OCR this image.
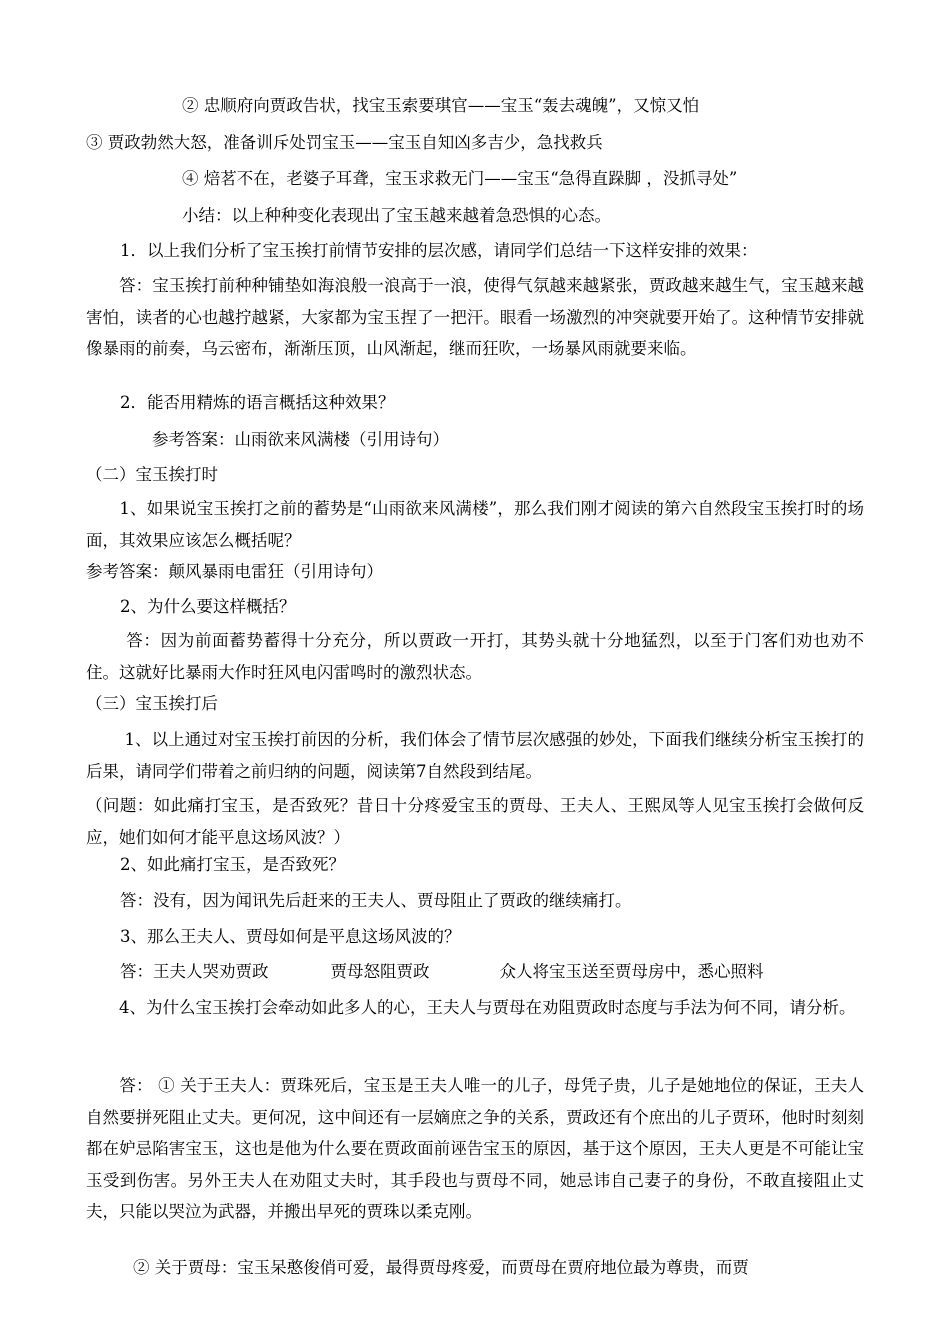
② 忠顺府向贾政告状，找宝玉索要琪官——宝玉“轰去魂魄”，又惊又怕
③ 贾政勃然大怒，准备训斥处罚宝玉——宝玉自知凶多吉少，急找救兵
④ 焙茗不在，老婆子耳聋，宝玉求救无门——宝玉“急得直跺脚 ，没抓寻处”
小结：以上种种变化表现出了宝玉越来越着急恐惧的心态。
1．以上我们分析了宝玉挨打前情节安排的层次感，请同学们总结一下这样安排的效果：
　　答：宝玉挨打前种种铺垫如海浪般一浪高于一浪，使得气氛越来越紧张，贾政越来越生气，宝玉越来越害怕，读者的心也越拧越紧，大家都为宝玉捏了一把汗。眼看一场激烈的冲突就要开始了。这种情节安排就像暴雨的前奏，乌云密布，渐渐压顶，山风渐起，继而狂吹，一场暴风雨就要来临。
2．能否用精炼的语言概括这种效果？
参考答案：山雨欲来风满楼（引用诗句）
（二）宝玉挨打时
　　1、如果说宝玉挨打之前的蓄势是“山雨欲来风满楼”，那么我们刚才阅读的第六自然段宝玉挨打时的场面，其效果应该怎么概括呢？
参考答案：颠风暴雨电雷狂（引用诗句）
2、为什么要这样概括？
　　 答：因为前面蓄势蓄得十分充分，所以贾政一开打，其势头就十分地猛烈，以至于门客们劝也劝不住。这就好比暴雨大作时狂风电闪雷鸣时的激烈状态。
（三）宝玉挨打后
　　 1、以上通过对宝玉挨打前因的分析，我们体会了情节层次感强的妙处，下面我们继续分析宝玉挨打的后果，请同学们带着之前归纳的问题，阅读第7自然段到结尾。
（问题：如此痛打宝玉，是否致死？昔日十分疼爱宝玉的贾母、王夫人、王熙凤等人见宝玉挨打会做何反应，她们如何才能平息这场风波？）
2、如此痛打宝玉，是否致死？
答：没有，因为闻讯先后赶来的王夫人、贾母阻止了贾政的继续痛打。
3、那么王夫人、贾母如何是平息这场风波的？
答：王夫人哭劝贾政	贾母怒阻贾政	众人将宝玉送至贾母房中，悉心照料
　　4、为什么宝玉挨打会牵动如此多人的心，王夫人与贾母在劝阻贾政时态度与手法为何不同，请分析。
　　答： ① 关于王夫人：贾珠死后，宝玉是王夫人唯一的儿子，母凭子贵，儿子是她地位的保证，王夫人自然要拼死阻止丈夫。更何况，这中间还有一层嫡庶之争的关系，贾政还有个庶出的儿子贾环，他时时刻刻都在妒忌陷害宝玉，这也是他为什么要在贾政面前诬告宝玉的原因，基于这个原因，王夫人更是不可能让宝玉受到伤害。另外王夫人在劝阻丈夫时，其手段也与贾母不同，她忌讳自己妻子的身份，不敢直接阻止丈夫，只能以哭泣为武器，并搬出早死的贾珠以柔克刚。
② 关于贾母：宝玉呆憨俊俏可爱，最得贾母疼爱，而贾母在贾府地位最为尊贵，而贾
